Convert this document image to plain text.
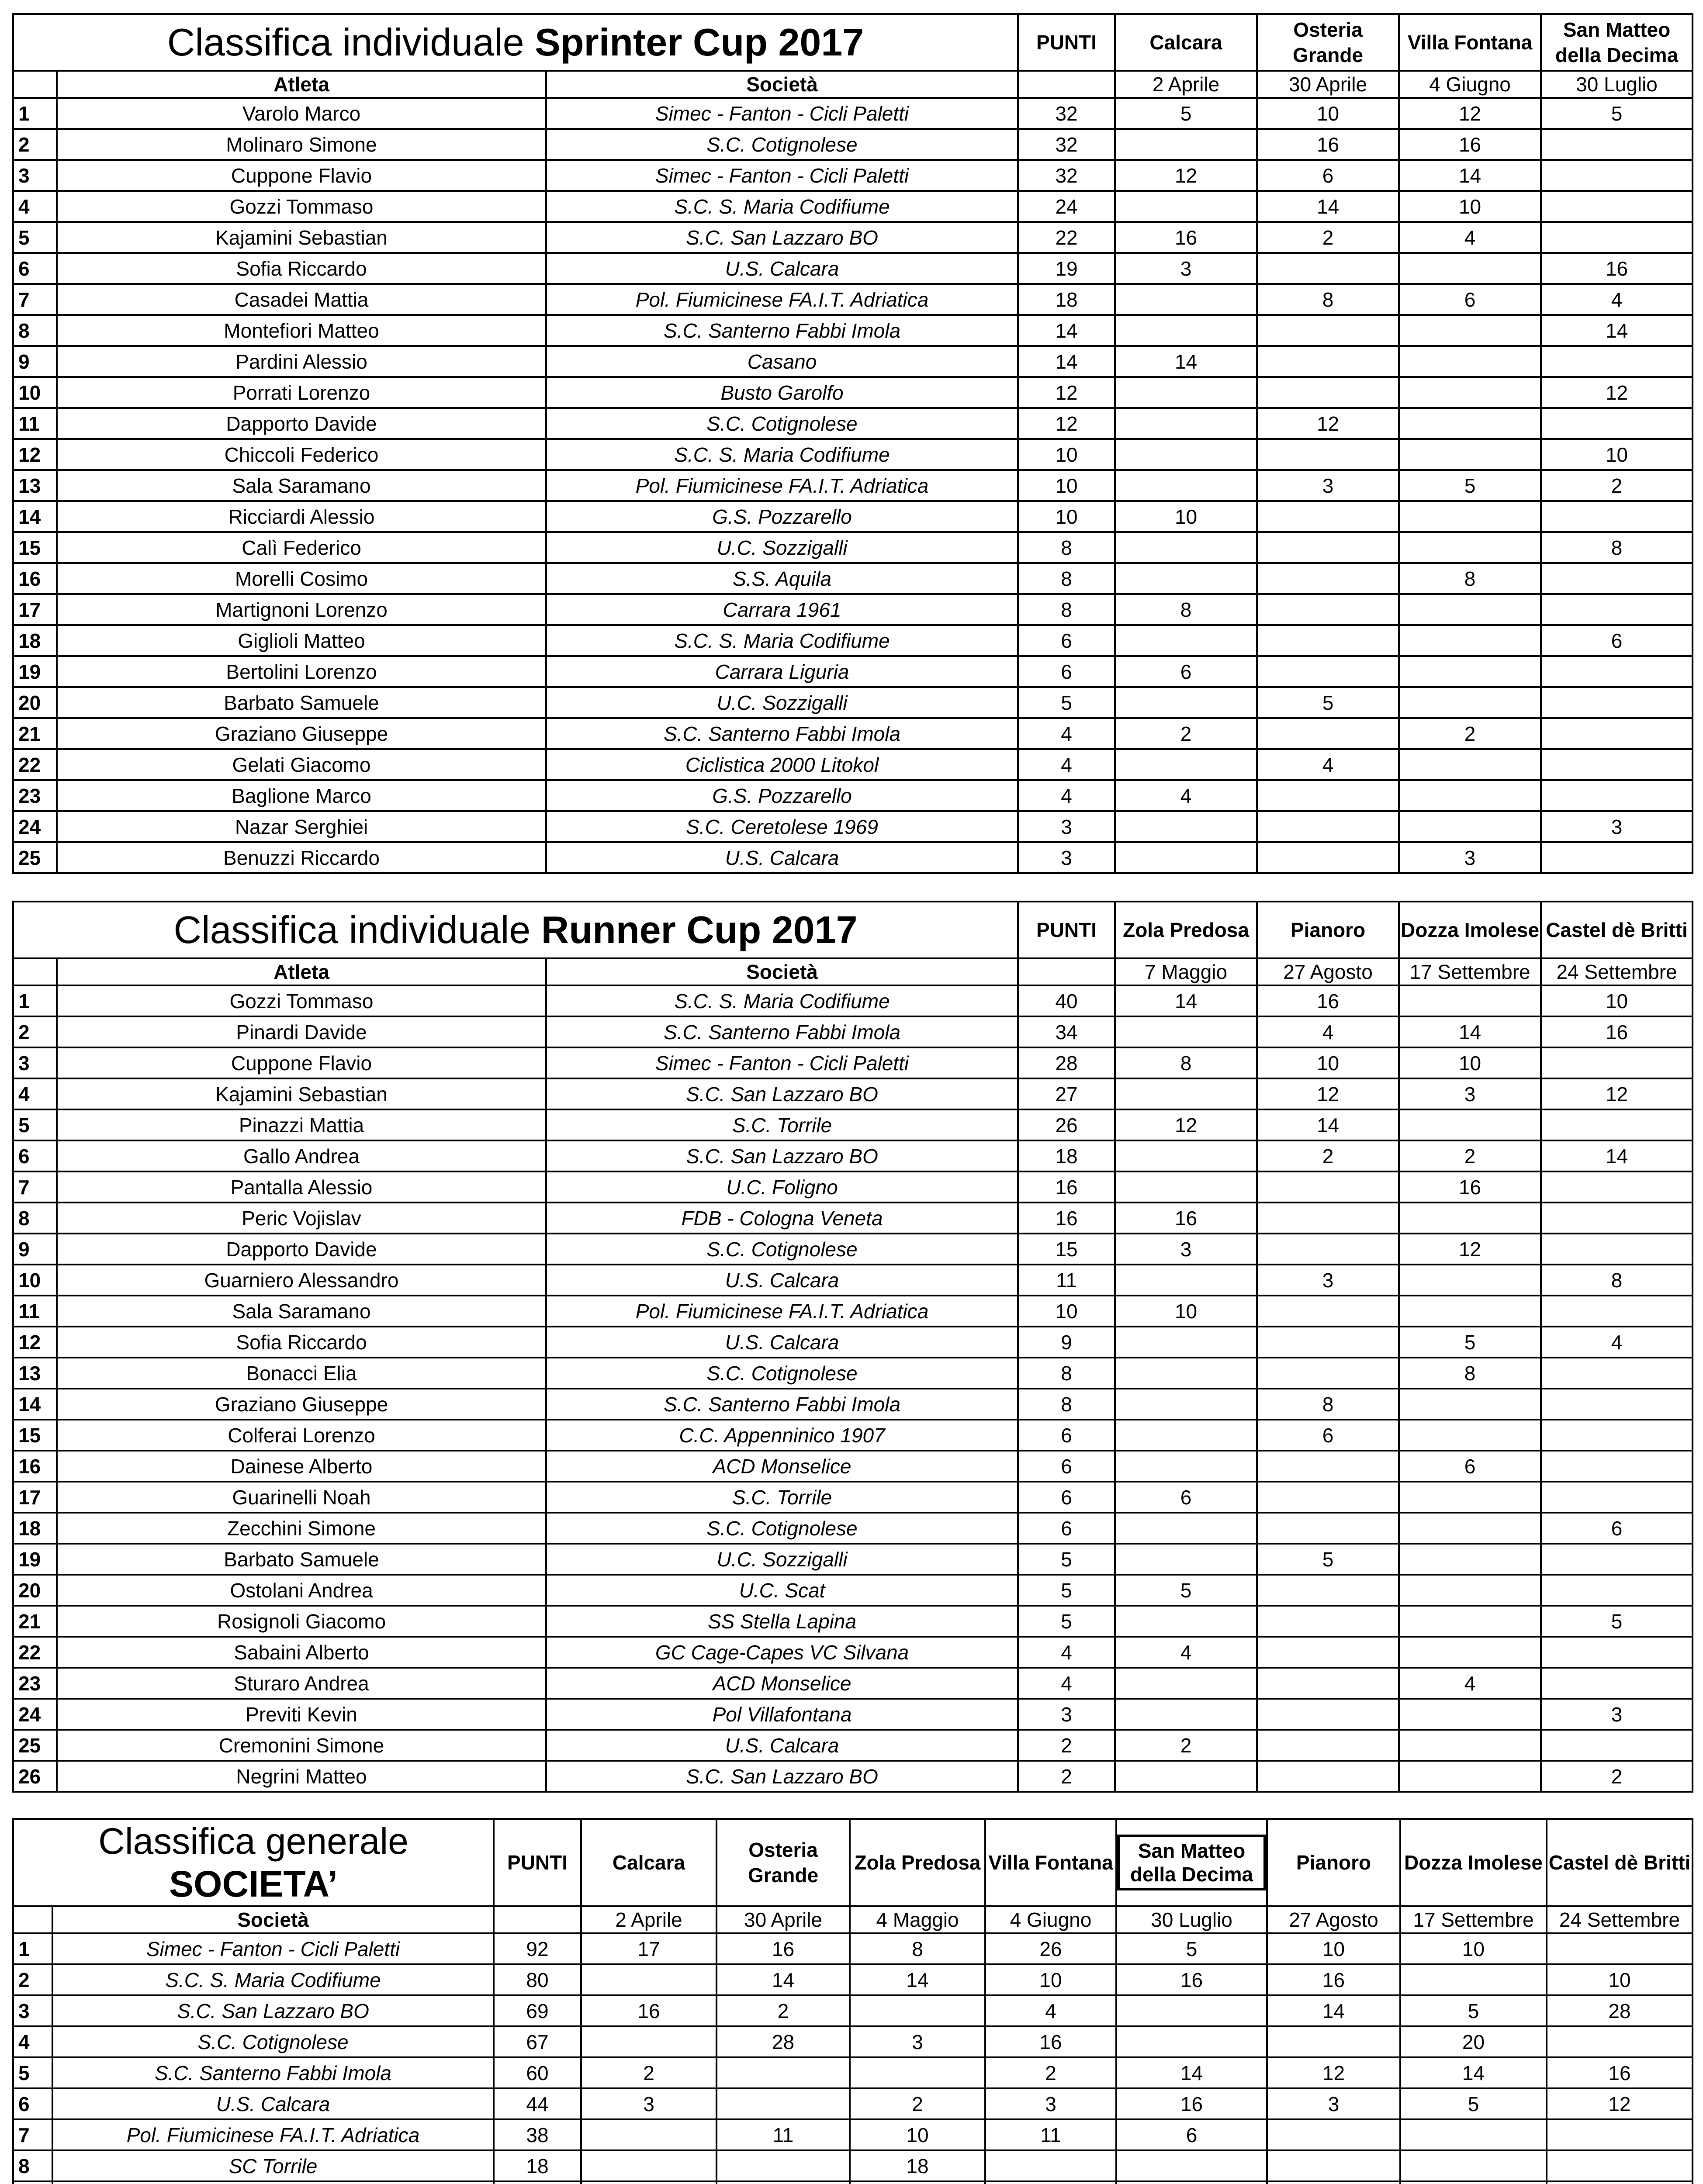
Classifica individuale Sprinter Cup 2017			PUNTI	Calcara	Osteria Grande	Villa Fontana	San Matteo della Decima
	Atleta	Società		2 Aprile	30 Aprile	4 Giugno	30 Luglio
1	Varolo Marco	Simec - Fanton - Cicli Paletti	32	5	10	12	5
2	Molinaro Simone	S.C. Cotignolese	32		16	16	
3	Cuppone Flavio	Simec - Fanton - Cicli Paletti	32	12	6	14	
4	Gozzi Tommaso	S.C. S. Maria Codifiume	24		14	10	
5	Kajamini Sebastian	S.C. San Lazzaro BO	22	16	2	4	
6	Sofia Riccardo	U.S. Calcara	19	3			16
7	Casadei Mattia	Pol. Fiumicinese FA.I.T. Adriatica	18		8	6	4
8	Montefiori Matteo	S.C. Santerno Fabbi Imola	14				14
9	Pardini Alessio	Casano	14	14			
10	Porrati Lorenzo	Busto Garolfo	12				12
11	Dapporto Davide	S.C. Cotignolese	12		12		
12	Chiccoli Federico	S.C. S. Maria Codifiume	10				10
13	Sala Saramano	Pol. Fiumicinese FA.I.T. Adriatica	10		3	5	2
14	Ricciardi Alessio	G.S. Pozzarello	10	10			
15	Calì Federico	U.C. Sozzigalli	8				8
16	Morelli Cosimo	S.S. Aquila	8			8	
17	Martignoni Lorenzo	Carrara 1961	8	8			
18	Giglioli Matteo	S.C. S. Maria Codifiume	6				6
19	Bertolini Lorenzo	Carrara Liguria	6	6			
20	Barbato Samuele	U.C. Sozzigalli	5		5		
21	Graziano Giuseppe	S.C. Santerno Fabbi Imola	4	2		2	
22	Gelati Giacomo	Ciclistica 2000 Litokol	4		4		
23	Baglione Marco	G.S. Pozzarello	4	4			
24	Nazar Serghiei	S.C. Ceretolese 1969	3				3
25	Benuzzi Riccardo	U.S. Calcara	3			3	
Classifica individuale Runner Cup 2017			PUNTI	Zola Predosa	Pianoro	Dozza Imolese	Castel dè Britti
	Atleta	Società		7 Maggio	27 Agosto	17 Settembre	24 Settembre
1	Gozzi Tommaso	S.C. S. Maria Codifiume	40	14	16		10
2	Pinardi Davide	S.C. Santerno Fabbi Imola	34		4	14	16
3	Cuppone Flavio	Simec - Fanton - Cicli Paletti	28	8	10	10	
4	Kajamini Sebastian	S.C. San Lazzaro BO	27		12	3	12
5	Pinazzi Mattia	S.C. Torrile	26	12	14		
6	Gallo Andrea	S.C. San Lazzaro BO	18		2	2	14
7	Pantalla Alessio	U.C. Foligno	16			16	
8	Peric Vojislav	FDB - Cologna Veneta	16	16			
9	Dapporto Davide	S.C. Cotignolese	15	3		12	
10	Guarniero Alessandro	U.S. Calcara	11		3		8
11	Sala Saramano	Pol. Fiumicinese FA.I.T. Adriatica	10	10			
12	Sofia Riccardo	U.S. Calcara	9			5	4
13	Bonacci Elia	S.C. Cotignolese	8			8	
14	Graziano Giuseppe	S.C. Santerno Fabbi Imola	8		8		
15	Colferai Lorenzo	C.C. Appenninico 1907	6		6		
16	Dainese Alberto	ACD Monselice	6			6	
17	Guarinelli Noah	S.C. Torrile	6	6			
18	Zecchini Simone	S.C. Cotignolese	6				6
19	Barbato Samuele	U.C. Sozzigalli	5		5		
20	Ostolani Andrea	U.C. Scat	5	5			
21	Rosignoli Giacomo	SS Stella Lapina	5				5
22	Sabaini Alberto	GC Cage-Capes VC Silvana	4	4			
23	Sturaro Andrea	ACD Monselice	4			4	
24	Previti Kevin	Pol Villafontana	3				3
25	Cremonini Simone	U.S. Calcara	2	2			
26	Negrini Matteo	S.C. San Lazzaro BO	2				2
Classifica generale
SOCIETA’		PUNTI	Calcara	Osteria Grande	Zola Predosa	Villa Fontana	San Matteo della Decima	Pianoro	Dozza Imolese	Castel dè Britti
	Società		2 Aprile	30 Aprile	4 Maggio	4 Giugno	30 Luglio	27 Agosto	17 Settembre	24 Settembre
1	Simec - Fanton - Cicli Paletti	92	17	16	8	26	5	10	10	
2	S.C. S. Maria Codifiume	80		14	14	10	16	16		10
3	S.C. San Lazzaro BO	69	16	2		4		14	5	28
4	S.C. Cotignolese	67		28	3	16			20	
5	S.C. Santerno Fabbi Imola	60	2			2	14	12	14	16
6	U.S. Calcara	44	3		2	3	16	3	5	12
7	Pol. Fiumicinese FA.I.T. Adriatica	38		11	10	11	6			
8	SC Torrile	18			18					
